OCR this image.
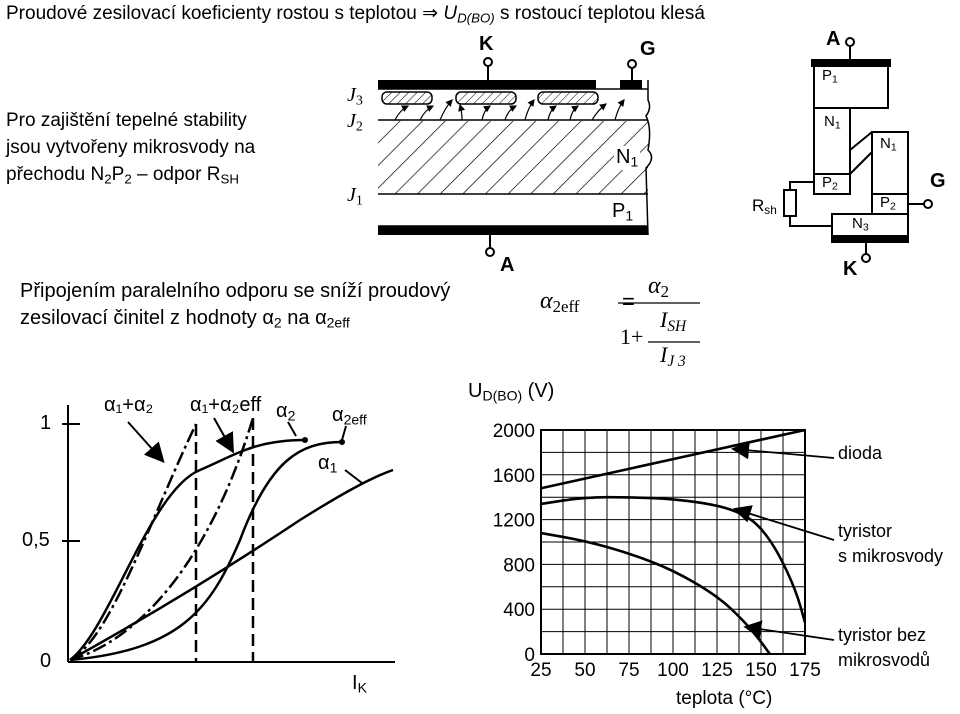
0
400
800
1200
1600
2000
25 50 75 100 125 150 175
Proudové zesilovací koeficienty rostou s teplotou ⇒ $U_{D(BO)}$ s rostoucí teplotou klesá
Pro zajištění tepelné stability
jsou vytvořeny mikrosvody na
přechodu $N_2P_2$ – odpor $R_{SH}$
Připojením paralelního odporu se sníží proudový
zesilovací činitel z hodnoty $\alpha_2$ na $\alpha_{2eff}$
$\alpha_{2eff}$ =
$\alpha_2$
1+
$I_{SH}$
$I_{J 3}$
K	G
A
$J_3$
$J_2$
$J_1$
$N_1$
$P_1$
A
G
K
$P_1$
$N_1$
$N_1$
$P_2$
$P_2$
$N_3$
$R_{sh}$
1
0,5
0
$I_K$
α₁+α₂ α₁+α₂eff $\alpha_2$ $\alpha_{2eff}$
$\alpha_1$
$U_{D(BO)}$ (V)
teplota (°C)
dioda
tyristor
s mikrosvody
tyristor bez
mikrosvodů
